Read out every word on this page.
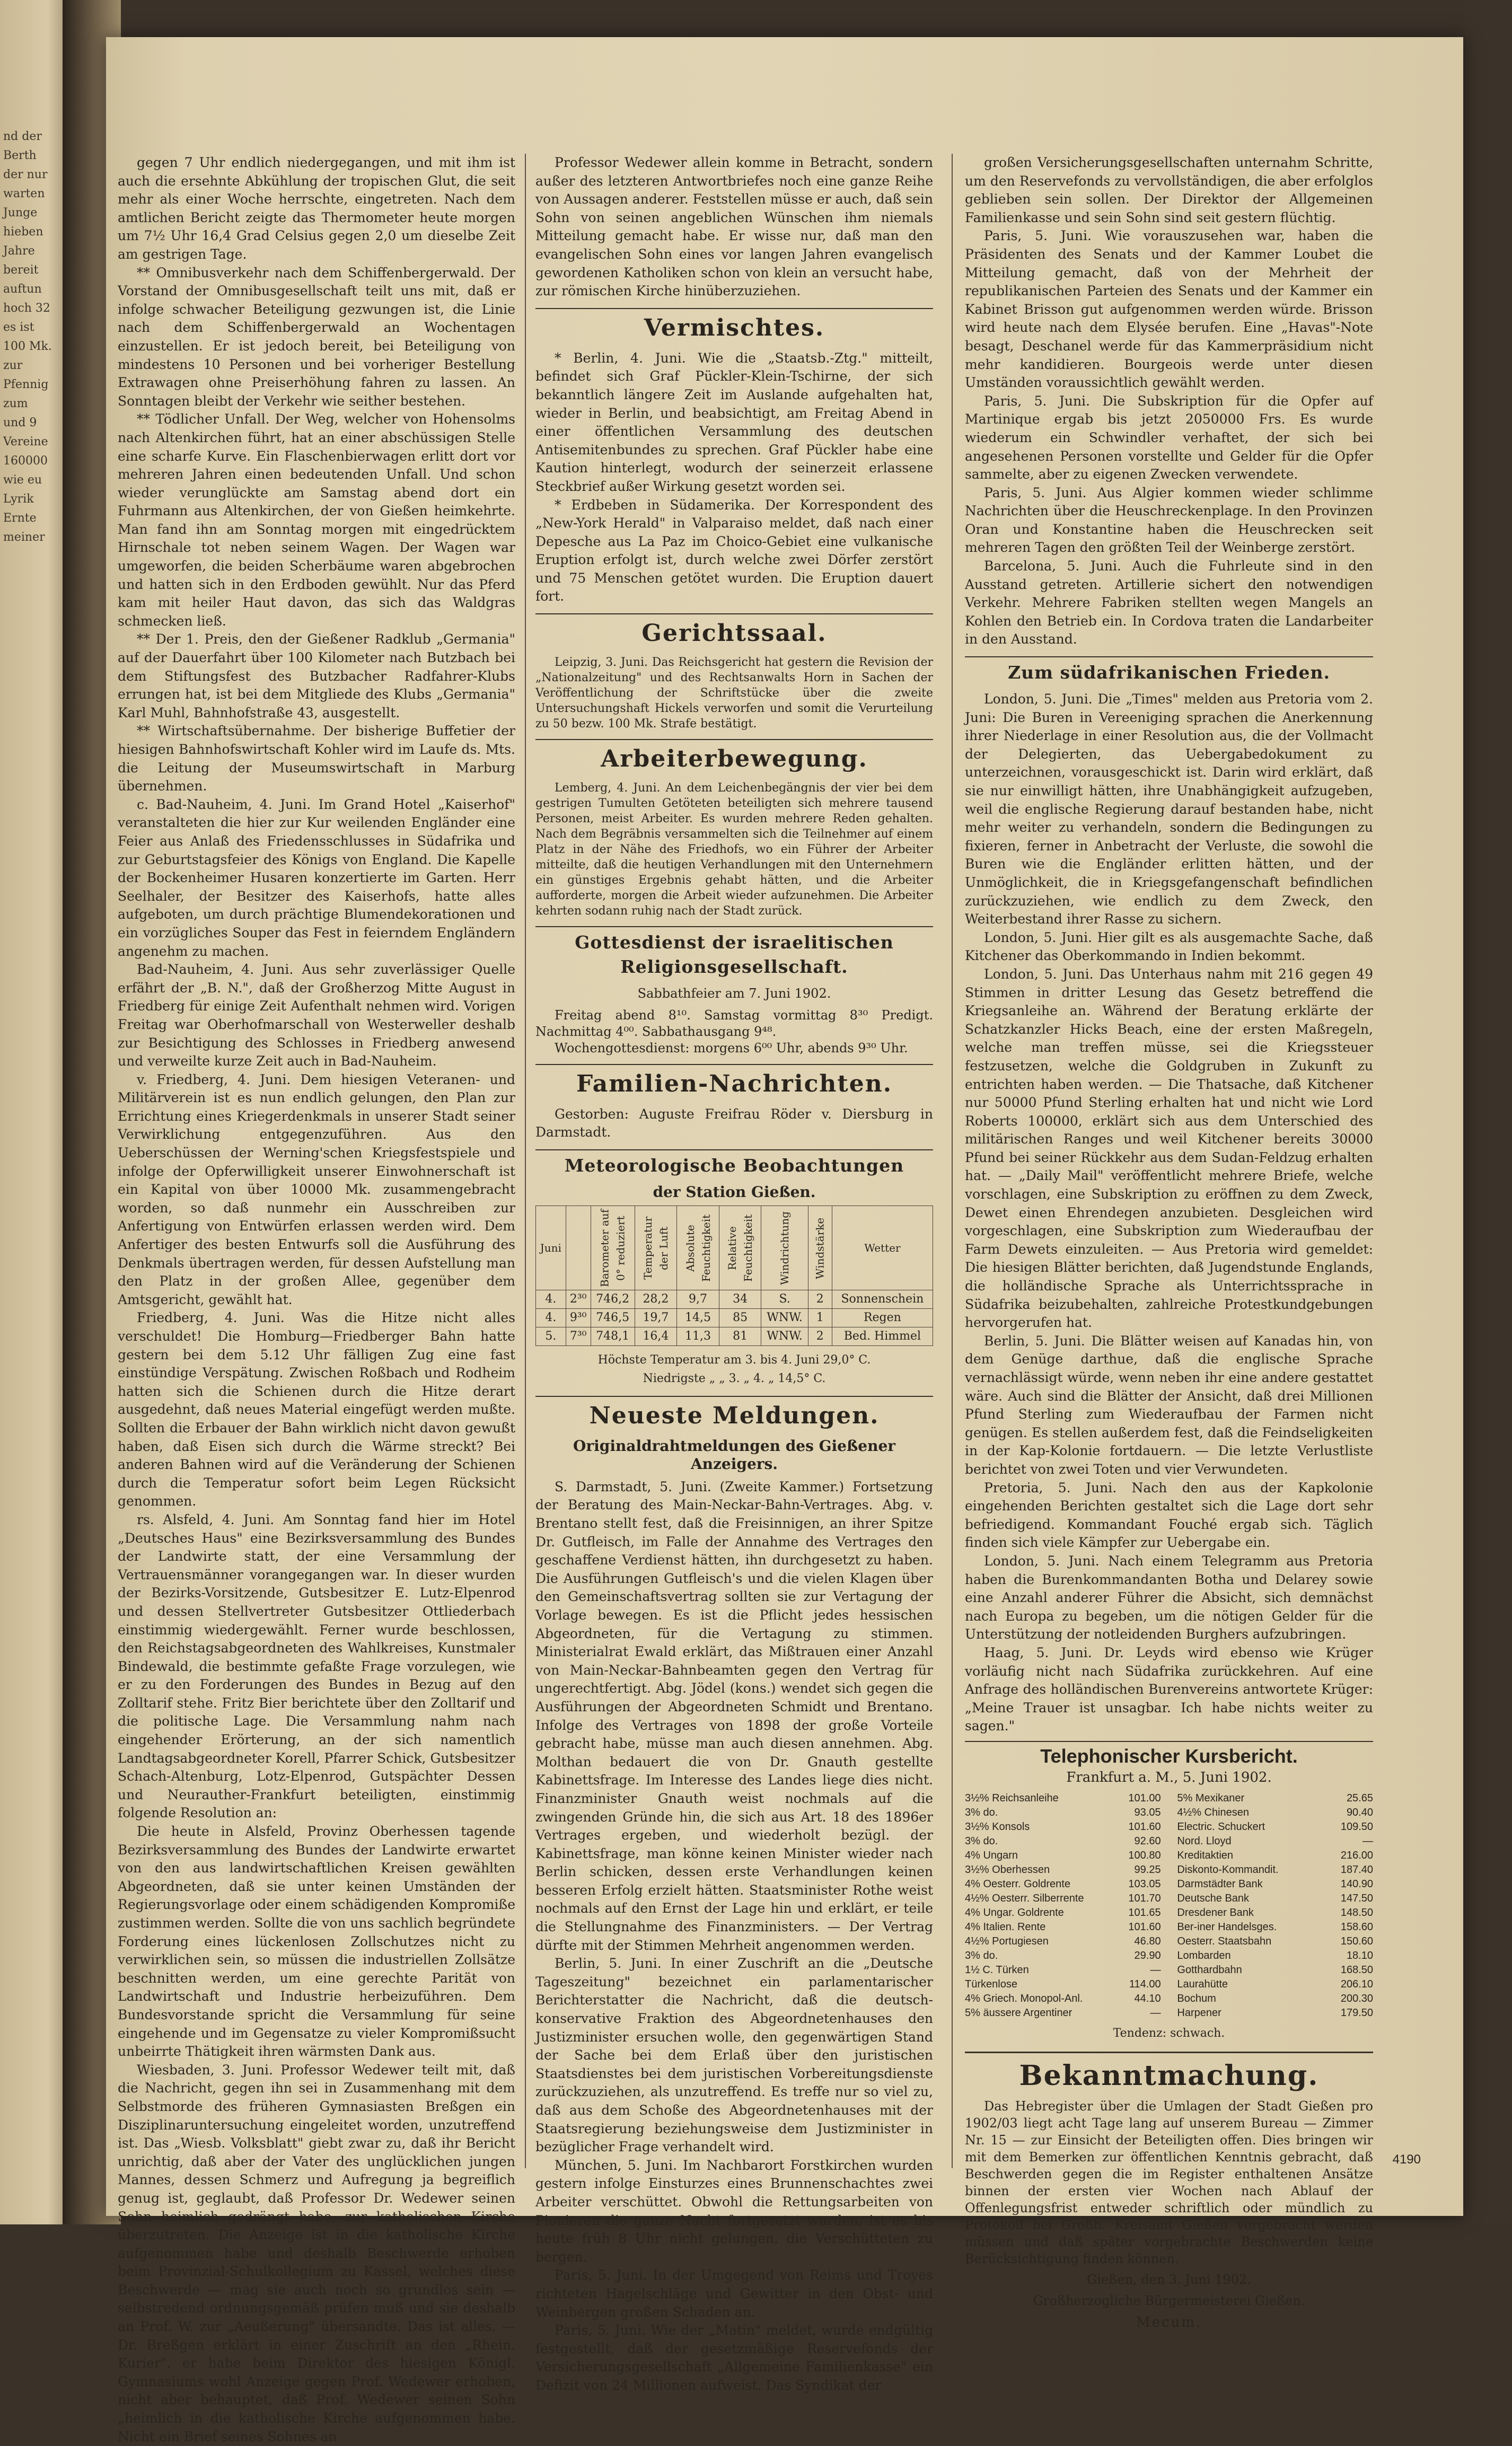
nd der
Berth
der nur
warten
Junge
hieben
Jahre
bereit
auftun
hoch 32
es ist
100 Mk.
zur
Pfennig
zum
und 9
Vereine
160000
wie eu
Lyrik
Ernte
meiner

gegen 7 Uhr endlich niedergegangen, und mit ihm ist auch die ersehnte Abkühlung der tropischen Glut, die seit mehr als einer Woche herrschte, eingetreten. Nach dem amtlichen Bericht zeigte das Thermometer heute morgen um 7½ Uhr 16,4 Grad Celsius gegen 2,0 um dieselbe Zeit am gestrigen Tage.

** Omnibusverkehr nach dem Schiffenbergerwald. Der Vorstand der Omnibusgesellschaft teilt uns mit, daß er infolge schwacher Beteiligung gezwungen ist, die Linie nach dem Schiffenbergerwald an Wochentagen einzustellen. Er ist jedoch bereit, bei Beteiligung von mindestens 10 Personen und bei vorheriger Bestellung Extrawagen ohne Preiserhöhung fahren zu lassen. An Sonntagen bleibt der Verkehr wie seither bestehen.

** Tödlicher Unfall. Der Weg, welcher von Hohensolms nach Altenkirchen führt, hat an einer abschüssigen Stelle eine scharfe Kurve. Ein Flaschenbierwagen erlitt dort vor mehreren Jahren einen bedeutenden Unfall. Und schon wieder verunglückte am Samstag abend dort ein Fuhrmann aus Altenkirchen, der von Gießen heimkehrte. Man fand ihn am Sonntag morgen mit eingedrücktem Hirnschale tot neben seinem Wagen. Der Wagen war umgeworfen, die beiden Scherbäume waren abgebrochen und hatten sich in den Erdboden gewühlt. Nur das Pferd kam mit heiler Haut davon, das sich das Waldgras schmecken ließ.

** Der 1. Preis, den der Gießener Radklub „Germania" auf der Dauerfahrt über 100 Kilometer nach Butzbach bei dem Stiftungsfest des Butzbacher Radfahrer-Klubs errungen hat, ist bei dem Mitgliede des Klubs „Germania" Karl Muhl, Bahnhofstraße 43, ausgestellt.

** Wirtschaftsübernahme. Der bisherige Buffetier der hiesigen Bahnhofswirtschaft Kohler wird im Laufe ds. Mts. die Leitung der Museumswirtschaft in Marburg übernehmen.

c. Bad-Nauheim, 4. Juni. Im Grand Hotel „Kaiserhof" veranstalteten die hier zur Kur weilenden Engländer eine Feier aus Anlaß des Friedensschlusses in Südafrika und zur Geburtstagsfeier des Königs von England. Die Kapelle der Bockenheimer Husaren konzertierte im Garten. Herr Seelhaler, der Besitzer des Kaiserhofs, hatte alles aufgeboten, um durch prächtige Blumendekorationen und ein vorzügliches Souper das Fest in feierndem Engländern angenehm zu machen.

Bad-Nauheim, 4. Juni. Aus sehr zuverlässiger Quelle erfährt der „B. N.", daß der Großherzog Mitte August in Friedberg für einige Zeit Aufenthalt nehmen wird. Vorigen Freitag war Oberhofmarschall von Westerweller deshalb zur Besichtigung des Schlosses in Friedberg anwesend und verweilte kurze Zeit auch in Bad-Nauheim.

v. Friedberg, 4. Juni. Dem hiesigen Veteranen- und Militärverein ist es nun endlich gelungen, den Plan zur Errichtung eines Kriegerdenkmals in unserer Stadt seiner Verwirklichung entgegenzuführen. Aus den Ueberschüssen der Werning'schen Kriegsfestspiele und infolge der Opferwilligkeit unserer Einwohnerschaft ist ein Kapital von über 10000 Mk. zusammengebracht worden, so daß nunmehr ein Ausschreiben zur Anfertigung von Entwürfen erlassen werden wird. Dem Anfertiger des besten Entwurfs soll die Ausführung des Denkmals übertragen werden, für dessen Aufstellung man den Platz in der großen Allee, gegenüber dem Amtsgericht, gewählt hat.

Friedberg, 4. Juni. Was die Hitze nicht alles verschuldet! Die Homburg—Friedberger Bahn hatte gestern bei dem 5.12 Uhr fälligen Zug eine fast einstündige Verspätung. Zwischen Roßbach und Rodheim hatten sich die Schienen durch die Hitze derart ausgedehnt, daß neues Material eingefügt werden mußte. Sollten die Erbauer der Bahn wirklich nicht davon gewußt haben, daß Eisen sich durch die Wärme streckt? Bei anderen Bahnen wird auf die Veränderung der Schienen durch die Temperatur sofort beim Legen Rücksicht genommen.

rs. Alsfeld, 4. Juni. Am Sonntag fand hier im Hotel „Deutsches Haus" eine Bezirksversammlung des Bundes der Landwirte statt, der eine Versammlung der Vertrauensmänner vorangegangen war. In dieser wurden der Bezirks-Vorsitzende, Gutsbesitzer E. Lutz-Elpenrod und dessen Stellvertreter Gutsbesitzer Ottliederbach einstimmig wiedergewählt. Ferner wurde beschlossen, den Reichstagsabgeordneten des Wahlkreises, Kunstmaler Bindewald, die bestimmte gefaßte Frage vorzulegen, wie er zu den Forderungen des Bundes in Bezug auf den Zolltarif stehe. Fritz Bier berichtete über den Zolltarif und die politische Lage. Die Versammlung nahm nach eingehender Erörterung, an der sich namentlich Landtagsabgeordneter Korell, Pfarrer Schick, Gutsbesitzer Schach-Altenburg, Lotz-Elpenrod, Gutspächter Dessen und Neurauther-Frankfurt beteiligten, einstimmig folgende Resolution an:

Die heute in Alsfeld, Provinz Oberhessen tagende Bezirksversammlung des Bundes der Landwirte erwartet von den aus landwirtschaftlichen Kreisen gewählten Abgeordneten, daß sie unter keinen Umständen der Regierungsvorlage oder einem schädigenden Kompromiße zustimmen werden. Sollte die von uns sachlich begründete Forderung eines lückenlosen Zollschutzes nicht zu verwirklichen sein, so müssen die industriellen Zollsätze beschnitten werden, um eine gerechte Parität von Landwirtschaft und Industrie herbeizuführen. Dem Bundesvorstande spricht die Versammlung für seine eingehende und im Gegensatze zu vieler Kompromißsucht unbeirrte Thätigkeit ihren wärmsten Dank aus.

Wiesbaden, 3. Juni. Professor Wedewer teilt mit, daß die Nachricht, gegen ihn sei in Zusammenhang mit dem Selbstmorde des früheren Gymnasiasten Breßgen ein Disziplinaruntersuchung eingeleitet worden, unzutreffend ist. Das „Wiesb. Volksblatt" giebt zwar zu, daß ihr Bericht unrichtig, daß aber der Vater des unglücklichen jungen Mannes, dessen Schmerz und Aufregung ja begreiflich genug ist, geglaubt, daß Professor Dr. Wedewer seinen Sohn heimlich gedrängt habe, zur katholischen Kirche überzutreten. Die Anzeige ist in die katholische Kirche aufgenommen habe und deshalb Beschwerde erhoben beim Provinzial-Schulkollegium zu Kassel, welches diese Beschwerde — mag sie auch noch so grundlos sein — selbstredend ordnungsgemäß prüfen muß und sie deshalb an Prof. W. zur „Aeußerung" übersandte. Das ist alles. — Dr. Breßgen erklärt in einer Zuschrift an den „Rhein. Kurier", er habe beim Direktor des hiesigen Königl. Gymnasiums wohl Anzeige gegen Prof. Wedewer erhoben, nicht aber behauptet, daß Prof. Wedewer seinen Sohn „heimlich in die katholische Kirche aufgenommen habe. Nicht ein Brief seines Sohnes an

Professor Wedewer allein komme in Betracht, sondern außer des letzteren Antwortbriefes noch eine ganze Reihe von Aussagen anderer. Feststellen müsse er auch, daß sein Sohn von seinen angeblichen Wünschen ihm niemals Mitteilung gemacht habe. Er wisse nur, daß man den evangelischen Sohn eines vor langen Jahren evangelisch gewordenen Katholiken schon von klein an versucht habe, zur römischen Kirche hinüberzuziehen.

Vermischtes.

* Berlin, 4. Juni. Wie die „Staatsb.-Ztg." mitteilt, befindet sich Graf Pückler-Klein-Tschirne, der sich bekanntlich längere Zeit im Auslande aufgehalten hat, wieder in Berlin, und beabsichtigt, am Freitag Abend in einer öffentlichen Versammlung des deutschen Antisemitenbundes zu sprechen. Graf Pückler habe eine Kaution hinterlegt, wodurch der seinerzeit erlassene Steckbrief außer Wirkung gesetzt worden sei.

* Erdbeben in Südamerika. Der Korrespondent des „New-York Herald" in Valparaiso meldet, daß nach einer Depesche aus La Paz im Choico-Gebiet eine vulkanische Eruption erfolgt ist, durch welche zwei Dörfer zerstört und 75 Menschen getötet wurden. Die Eruption dauert fort.

Gerichtssaal.

Leipzig, 3. Juni. Das Reichsgericht hat gestern die Revision der „Nationalzeitung" und des Rechtsanwalts Horn in Sachen der Veröffentlichung der Schriftstücke über die zweite Untersuchungshaft Hickels verworfen und somit die Verurteilung zu 50 bezw. 100 Mk. Strafe bestätigt.

Arbeiterbewegung.

Lemberg, 4. Juni. An dem Leichenbegängnis der vier bei dem gestrigen Tumulten Getöteten beteiligten sich mehrere tausend Personen, meist Arbeiter. Es wurden mehrere Reden gehalten. Nach dem Begräbnis versammelten sich die Teilnehmer auf einem Platz in der Nähe des Friedhofs, wo ein Führer der Arbeiter mitteilte, daß die heutigen Verhandlungen mit den Unternehmern ein günstiges Ergebnis gehabt hätten, und die Arbeiter aufforderte, morgen die Arbeit wieder aufzunehmen. Die Arbeiter kehrten sodann ruhig nach der Stadt zurück.

Gottesdienst der israelitischen Religionsgesellschaft.
Sabbathfeier am 7. Juni 1902.

Freitag abend 8¹⁰. Samstag vormittag 8³⁰ Predigt. Nachmittag 4⁰⁰. Sabbathausgang 9⁴⁸.

Wochengottesdienst: morgens 6⁰⁰ Uhr, abends 9³⁰ Uhr.

Familien-Nachrichten.

Gestorben: Auguste Freifrau Röder v. Diersburg in Darmstadt.

Meteorologische Beobachtungen
der Station Gießen.
Juni		Barometer auf 0° reduziert	Temperatur der Luft	Absolute Feuchtigkeit	Relative Feuchtigkeit	Windrichtung	Windstärke	Wetter
4.	2³⁰	746,2	28,2	9,7	34	S.	2	Sonnenschein
4.	9³⁰	746,5	19,7	14,5	85	WNW.	1	Regen
5.	7³⁰	748,1	16,4	11,3	81	WNW.	2	Bed. Himmel
Höchste Temperatur am 3. bis 4. Juni 29,0° C.
Niedrigste „ „ 3. „ 4. „ 14,5° C.
Neueste Meldungen.
Originaldrahtmeldungen des Gießener Anzeigers.

S. Darmstadt, 5. Juni. (Zweite Kammer.) Fortsetzung der Beratung des Main-Neckar-Bahn-Vertrages. Abg. v. Brentano stellt fest, daß die Freisinnigen, an ihrer Spitze Dr. Gutfleisch, im Falle der Annahme des Vertrages den geschaffene Verdienst hätten, ihn durchgesetzt zu haben. Die Ausführungen Gutfleisch's und die vielen Klagen über den Gemeinschaftsvertrag sollten sie zur Vertagung der Vorlage bewegen. Es ist die Pflicht jedes hessischen Abgeordneten, für die Vertagung zu stimmen. Ministerialrat Ewald erklärt, das Mißtrauen einer Anzahl von Main-Neckar-Bahnbeamten gegen den Vertrag für ungerechtfertigt. Abg. Jödel (kons.) wendet sich gegen die Ausführungen der Abgeordneten Schmidt und Brentano. Infolge des Vertrages von 1898 der große Vorteile gebracht habe, müsse man auch diesen annehmen. Abg. Molthan bedauert die von Dr. Gnauth gestellte Kabinettsfrage. Im Interesse des Landes liege dies nicht. Finanzminister Gnauth weist nochmals auf die zwingenden Gründe hin, die sich aus Art. 18 des 1896er Vertrages ergeben, und wiederholt bezügl. der Kabinettsfrage, man könne keinen Minister wieder nach Berlin schicken, dessen erste Verhandlungen keinen besseren Erfolg erzielt hätten. Staatsminister Rothe weist nochmals auf den Ernst der Lage hin und erklärt, er teile die Stellungnahme des Finanzministers. — Der Vertrag dürfte mit der Stimmen Mehrheit angenommen werden.

Berlin, 5. Juni. In einer Zuschrift an die „Deutsche Tageszeitung" bezeichnet ein parlamentarischer Berichterstatter die Nachricht, daß die deutsch-konservative Fraktion des Abgeordnetenhauses den Justizminister ersuchen wolle, den gegenwärtigen Stand der Sache bei dem Erlaß über den juristischen Staatsdienstes bei dem juristischen Vorbereitungsdienste zurückzuziehen, als unzutreffend. Es treffe nur so viel zu, daß aus dem Schoße des Abgeordnetenhauses mit der Staatsregierung beziehungsweise dem Justizminister in bezüglicher Frage verhandelt wird.

München, 5. Juni. Im Nachbarort Forstkirchen wurden gestern infolge Einsturzes eines Brunnenschachtes zwei Arbeiter verschüttet. Obwohl die Rettungsarbeiten von Pionieren die ganze Nacht fortgesetzt wurden, ist es bis heute früh 8 Uhr nicht gelungen, die Verschütteten zu bergen.

Paris, 5. Juni. In der Umgegend von Reims und Troyes richteten Hagelschläge und Gewitter in den Obst- und Weinbergen großen Schaden an.

Paris, 5. Juni. Wie der „Matin" meldet, wurde endgültig festgestellt, daß der gesetzmäßige Reservefonds der Versicherungsgesellschaft „Allgemeine Familienkasse" ein Defizit von 24 Millionen aufweist. Das Syndikat der

großen Versicherungsgesellschaften unternahm Schritte, um den Reservefonds zu vervollständigen, die aber erfolglos geblieben sein sollen. Der Direktor der Allgemeinen Familienkasse und sein Sohn sind seit gestern flüchtig.

Paris, 5. Juni. Wie vorauszusehen war, haben die Präsidenten des Senats und der Kammer Loubet die Mitteilung gemacht, daß von der Mehrheit der republikanischen Parteien des Senats und der Kammer ein Kabinet Brisson gut aufgenommen werden würde. Brisson wird heute nach dem Elysée berufen. Eine „Havas"-Note besagt, Deschanel werde für das Kammerpräsidium nicht mehr kandidieren. Bourgeois werde unter diesen Umständen voraussichtlich gewählt werden.

Paris, 5. Juni. Die Subskription für die Opfer auf Martinique ergab bis jetzt 2050000 Frs. Es wurde wiederum ein Schwindler verhaftet, der sich bei angesehenen Personen vorstellte und Gelder für die Opfer sammelte, aber zu eigenen Zwecken verwendete.

Paris, 5. Juni. Aus Algier kommen wieder schlimme Nachrichten über die Heuschreckenplage. In den Provinzen Oran und Konstantine haben die Heuschrecken seit mehreren Tagen den größten Teil der Weinberge zerstört.

Barcelona, 5. Juni. Auch die Fuhrleute sind in den Ausstand getreten. Artillerie sichert den notwendigen Verkehr. Mehrere Fabriken stellten wegen Mangels an Kohlen den Betrieb ein. In Cordova traten die Landarbeiter in den Ausstand.

Zum südafrikanischen Frieden.

London, 5. Juni. Die „Times" melden aus Pretoria vom 2. Juni: Die Buren in Vereeniging sprachen die Anerkennung ihrer Niederlage in einer Resolution aus, die der Vollmacht der Delegierten, das Uebergabedokument zu unterzeichnen, vorausgeschickt ist. Darin wird erklärt, daß sie nur einwilligt hätten, ihre Unabhängigkeit aufzugeben, weil die englische Regierung darauf bestanden habe, nicht mehr weiter zu verhandeln, sondern die Bedingungen zu fixieren, ferner in Anbetracht der Verluste, die sowohl die Buren wie die Engländer erlitten hätten, und der Unmöglichkeit, die in Kriegsgefangenschaft befindlichen zurückzuziehen, wie endlich zu dem Zweck, den Weiterbestand ihrer Rasse zu sichern.

London, 5. Juni. Hier gilt es als ausgemachte Sache, daß Kitchener das Oberkommando in Indien bekommt.

London, 5. Juni. Das Unterhaus nahm mit 216 gegen 49 Stimmen in dritter Lesung das Gesetz betreffend die Kriegsanleihe an. Während der Beratung erklärte der Schatzkanzler Hicks Beach, eine der ersten Maßregeln, welche man treffen müsse, sei die Kriegssteuer festzusetzen, welche die Goldgruben in Zukunft zu entrichten haben werden. — Die Thatsache, daß Kitchener nur 50000 Pfund Sterling erhalten hat und nicht wie Lord Roberts 100000, erklärt sich aus dem Unterschied des militärischen Ranges und weil Kitchener bereits 30000 Pfund bei seiner Rückkehr aus dem Sudan-Feldzug erhalten hat. — „Daily Mail" veröffentlicht mehrere Briefe, welche vorschlagen, eine Subskription zu eröffnen zu dem Zweck, Dewet einen Ehrendegen anzubieten. Desgleichen wird vorgeschlagen, eine Subskription zum Wiederaufbau der Farm Dewets einzuleiten. — Aus Pretoria wird gemeldet: Die hiesigen Blätter berichten, daß Jugendstunde Englands, die holländische Sprache als Unterrichtssprache in Südafrika beizubehalten, zahlreiche Protestkundgebungen hervorgerufen hat.

Berlin, 5. Juni. Die Blätter weisen auf Kanadas hin, von dem Genüge darthue, daß die englische Sprache vernachlässigt würde, wenn neben ihr eine andere gestattet wäre. Auch sind die Blätter der Ansicht, daß drei Millionen Pfund Sterling zum Wiederaufbau der Farmen nicht genügen. Es stellen außerdem fest, daß die Feindseligkeiten in der Kap-Kolonie fortdauern. — Die letzte Verlustliste berichtet von zwei Toten und vier Verwundeten.

Pretoria, 5. Juni. Nach den aus der Kapkolonie eingehenden Berichten gestaltet sich die Lage dort sehr befriedigend. Kommandant Fouché ergab sich. Täglich finden sich viele Kämpfer zur Uebergabe ein.

London, 5. Juni. Nach einem Telegramm aus Pretoria haben die Burenkommandanten Botha und Delarey sowie eine Anzahl anderer Führer die Absicht, sich demnächst nach Europa zu begeben, um die nötigen Gelder für die Unterstützung der notleidenden Burghers aufzubringen.

Haag, 5. Juni. Dr. Leyds wird ebenso wie Krüger vorläufig nicht nach Südafrika zurückkehren. Auf eine Anfrage des holländischen Burenvereins antwortete Krüger: „Meine Trauer ist unsagbar. Ich habe nichts weiter zu sagen."

Telephonischer Kursbericht.
Frankfurt a. M., 5. Juni 1902.
3½% Reichsanleihe	101.00
3% do.	93.05
3½% Konsols	101.60
3% do.	92.60
4% Ungarn	100.80
3½% Oberhessen	99.25
4% Oesterr. Goldrente	103.05
4½% Oesterr. Silberrente	101.70
4% Ungar. Goldrente	101.65
4% Italien. Rente	101.60
4½% Portugiesen	46.80
3% do.	29.90
1½ C. Türken	—
Türkenlose	114.00
4% Griech. Monopol-Anl.	44.10
5% äussere Argentiner	—
5% Mexikaner	25.65
4½% Chinesen	90.40
Electric. Schuckert	109.50
Nord. Lloyd	—
Kreditaktien	216.00
Diskonto-Kommandit.	187.40
Darmstädter Bank	140.90
Deutsche Bank	147.50
Dresdener Bank	148.50
Ber-iner Handelsges.	158.60
Oesterr. Staatsbahn	150.60
Lombarden	18.10
Gotthardbahn	168.50
Laurahütte	206.10
Bochum	200.30
Harpener	179.50
Tendenz: schwach.
Bekanntmachung.

Das Hebregister über die Umlagen der Stadt Gießen pro 1902/03 liegt acht Tage lang auf unserem Bureau — Zimmer Nr. 15 — zur Einsicht der Beteiligten offen. Dies bringen wir mit dem Bemerken zur öffentlichen Kenntnis gebracht, daß Beschwerden gegen die im Register enthaltenen Ansätze binnen der ersten vier Wochen nach Ablauf der Offenlegungsfrist entweder schriftlich oder mündlich zu Protokoll bei Großh. Kreisamt Gießen vorgebracht werden müssen und daß später vorgebrachte Beschwerden keine Berücksichtigung finden können.

Gießen, den 3. Juni 1902.
Großherzogliche Bürgermeisterei Gießen.
Mecum.
4190
